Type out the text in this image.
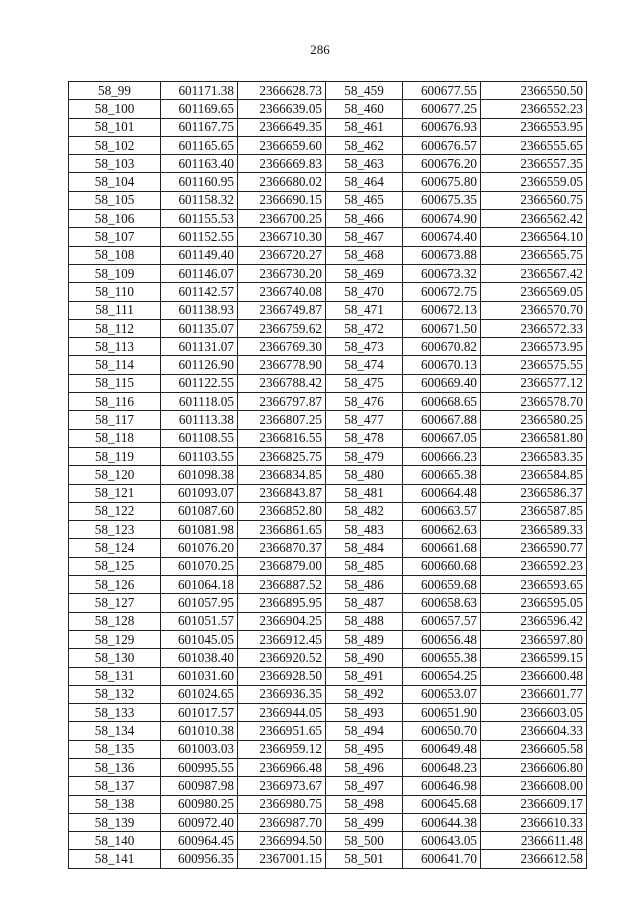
286
58_99	601171.38	2366628.73	58_459	600677.55	2366550.50
58_100	601169.65	2366639.05	58_460	600677.25	2366552.23
58_101	601167.75	2366649.35	58_461	600676.93	2366553.95
58_102	601165.65	2366659.60	58_462	600676.57	2366555.65
58_103	601163.40	2366669.83	58_463	600676.20	2366557.35
58_104	601160.95	2366680.02	58_464	600675.80	2366559.05
58_105	601158.32	2366690.15	58_465	600675.35	2366560.75
58_106	601155.53	2366700.25	58_466	600674.90	2366562.42
58_107	601152.55	2366710.30	58_467	600674.40	2366564.10
58_108	601149.40	2366720.27	58_468	600673.88	2366565.75
58_109	601146.07	2366730.20	58_469	600673.32	2366567.42
58_110	601142.57	2366740.08	58_470	600672.75	2366569.05
58_111	601138.93	2366749.87	58_471	600672.13	2366570.70
58_112	601135.07	2366759.62	58_472	600671.50	2366572.33
58_113	601131.07	2366769.30	58_473	600670.82	2366573.95
58_114	601126.90	2366778.90	58_474	600670.13	2366575.55
58_115	601122.55	2366788.42	58_475	600669.40	2366577.12
58_116	601118.05	2366797.87	58_476	600668.65	2366578.70
58_117	601113.38	2366807.25	58_477	600667.88	2366580.25
58_118	601108.55	2366816.55	58_478	600667.05	2366581.80
58_119	601103.55	2366825.75	58_479	600666.23	2366583.35
58_120	601098.38	2366834.85	58_480	600665.38	2366584.85
58_121	601093.07	2366843.87	58_481	600664.48	2366586.37
58_122	601087.60	2366852.80	58_482	600663.57	2366587.85
58_123	601081.98	2366861.65	58_483	600662.63	2366589.33
58_124	601076.20	2366870.37	58_484	600661.68	2366590.77
58_125	601070.25	2366879.00	58_485	600660.68	2366592.23
58_126	601064.18	2366887.52	58_486	600659.68	2366593.65
58_127	601057.95	2366895.95	58_487	600658.63	2366595.05
58_128	601051.57	2366904.25	58_488	600657.57	2366596.42
58_129	601045.05	2366912.45	58_489	600656.48	2366597.80
58_130	601038.40	2366920.52	58_490	600655.38	2366599.15
58_131	601031.60	2366928.50	58_491	600654.25	2366600.48
58_132	601024.65	2366936.35	58_492	600653.07	2366601.77
58_133	601017.57	2366944.05	58_493	600651.90	2366603.05
58_134	601010.38	2366951.65	58_494	600650.70	2366604.33
58_135	601003.03	2366959.12	58_495	600649.48	2366605.58
58_136	600995.55	2366966.48	58_496	600648.23	2366606.80
58_137	600987.98	2366973.67	58_497	600646.98	2366608.00
58_138	600980.25	2366980.75	58_498	600645.68	2366609.17
58_139	600972.40	2366987.70	58_499	600644.38	2366610.33
58_140	600964.45	2366994.50	58_500	600643.05	2366611.48
58_141	600956.35	2367001.15	58_501	600641.70	2366612.58
